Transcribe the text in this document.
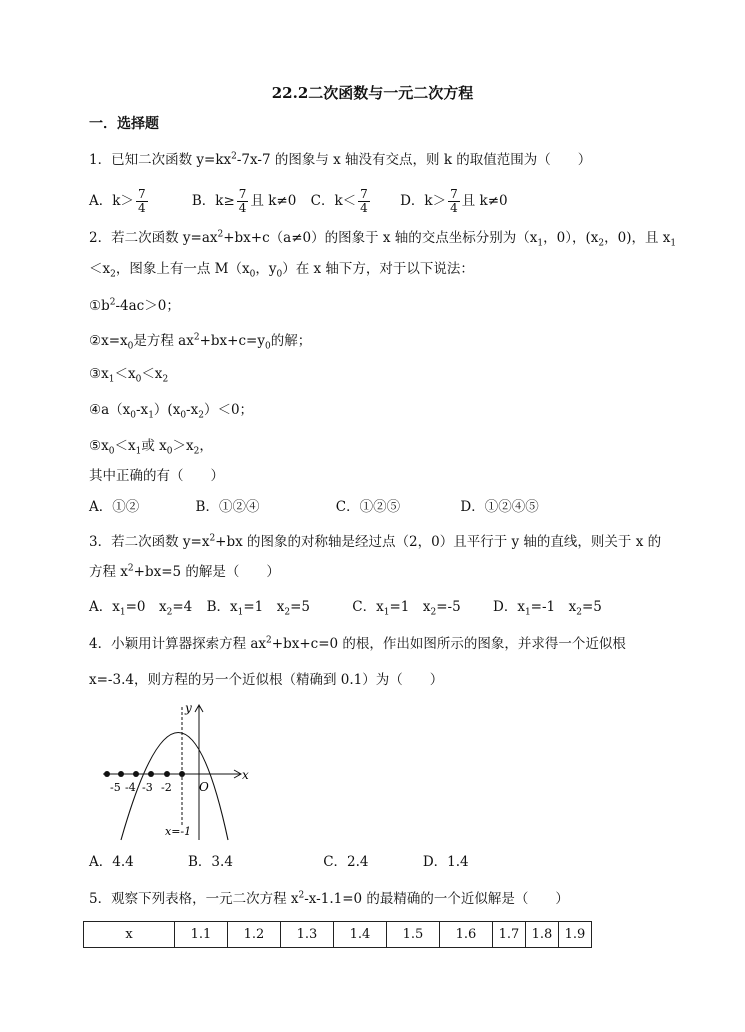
22.2二次函数与一元二次方程
一．选择题
1．已知二次函数 $y=kx^2-7x-7$ 的图象与 x 轴没有交点，则 k 的取值范围为（　　）
A．$k> \frac{7}{4}$	B．$k\ge \frac{7}{4}$ 且 k≠0 C．$k< \frac{7}{4}$ D．$k> \frac{7}{4}$ 且 k≠0
2．若二次函数 $y=ax^2+bx+c(a\ne 0)$的图象于 x 轴的交点坐标分别为（$x_1$，0），($x_2$，0)，且 $x_1$
$<x_2$，图象上有一点 $M(x_0$，$y_0$）在 x 轴下方，对于以下说法：
$①b^2-4ac>0$；
$②x=x_0$是方程 $ax^2+bx+c=y_0$的解；
$③x_1<x_0<x_2$
$④a(x_0-x_1)(x_0-x_2)<0$；
$⑤x_0<x_1$或 $x_0>x_2$，
其中正确的有（　　）
A．①②	B．①②④	C．①②⑤	D．①②④⑤
3．若二次函数 $y=x^2+bx$ 的图象的对称轴是经过点（2，0）且平行于 y 轴的直线，则关于 x 的
方程 $x^2+bx=5$ 的解是（　　）
A．$x_1=0$　$x_2=4$ B．$x_1=1$　$x_2=5$	C．$x_1=1$　$x_2=-5$ D．$x_1=-1$　$x_2=5$
4．小颖用计算器探索方程 $ax^2+bx+c=0$ 的根，作出如图所示的图象，并求得一个近似根
x=-3.4，则方程的另一个近似根（精确到 0.1）为（　　）
x
y
x=-1
-5 -4 -3 -2 O
A．4.4	B．3.4	C．2.4	D．1.4
5．观察下列表格，一元二次方程 $x^2-x-1.1=0$ 的最精确的一个近似解是（　　）
x	1.1	1.2	1.3	1.4	1.5	1.6	1.7	1.8	1.9
